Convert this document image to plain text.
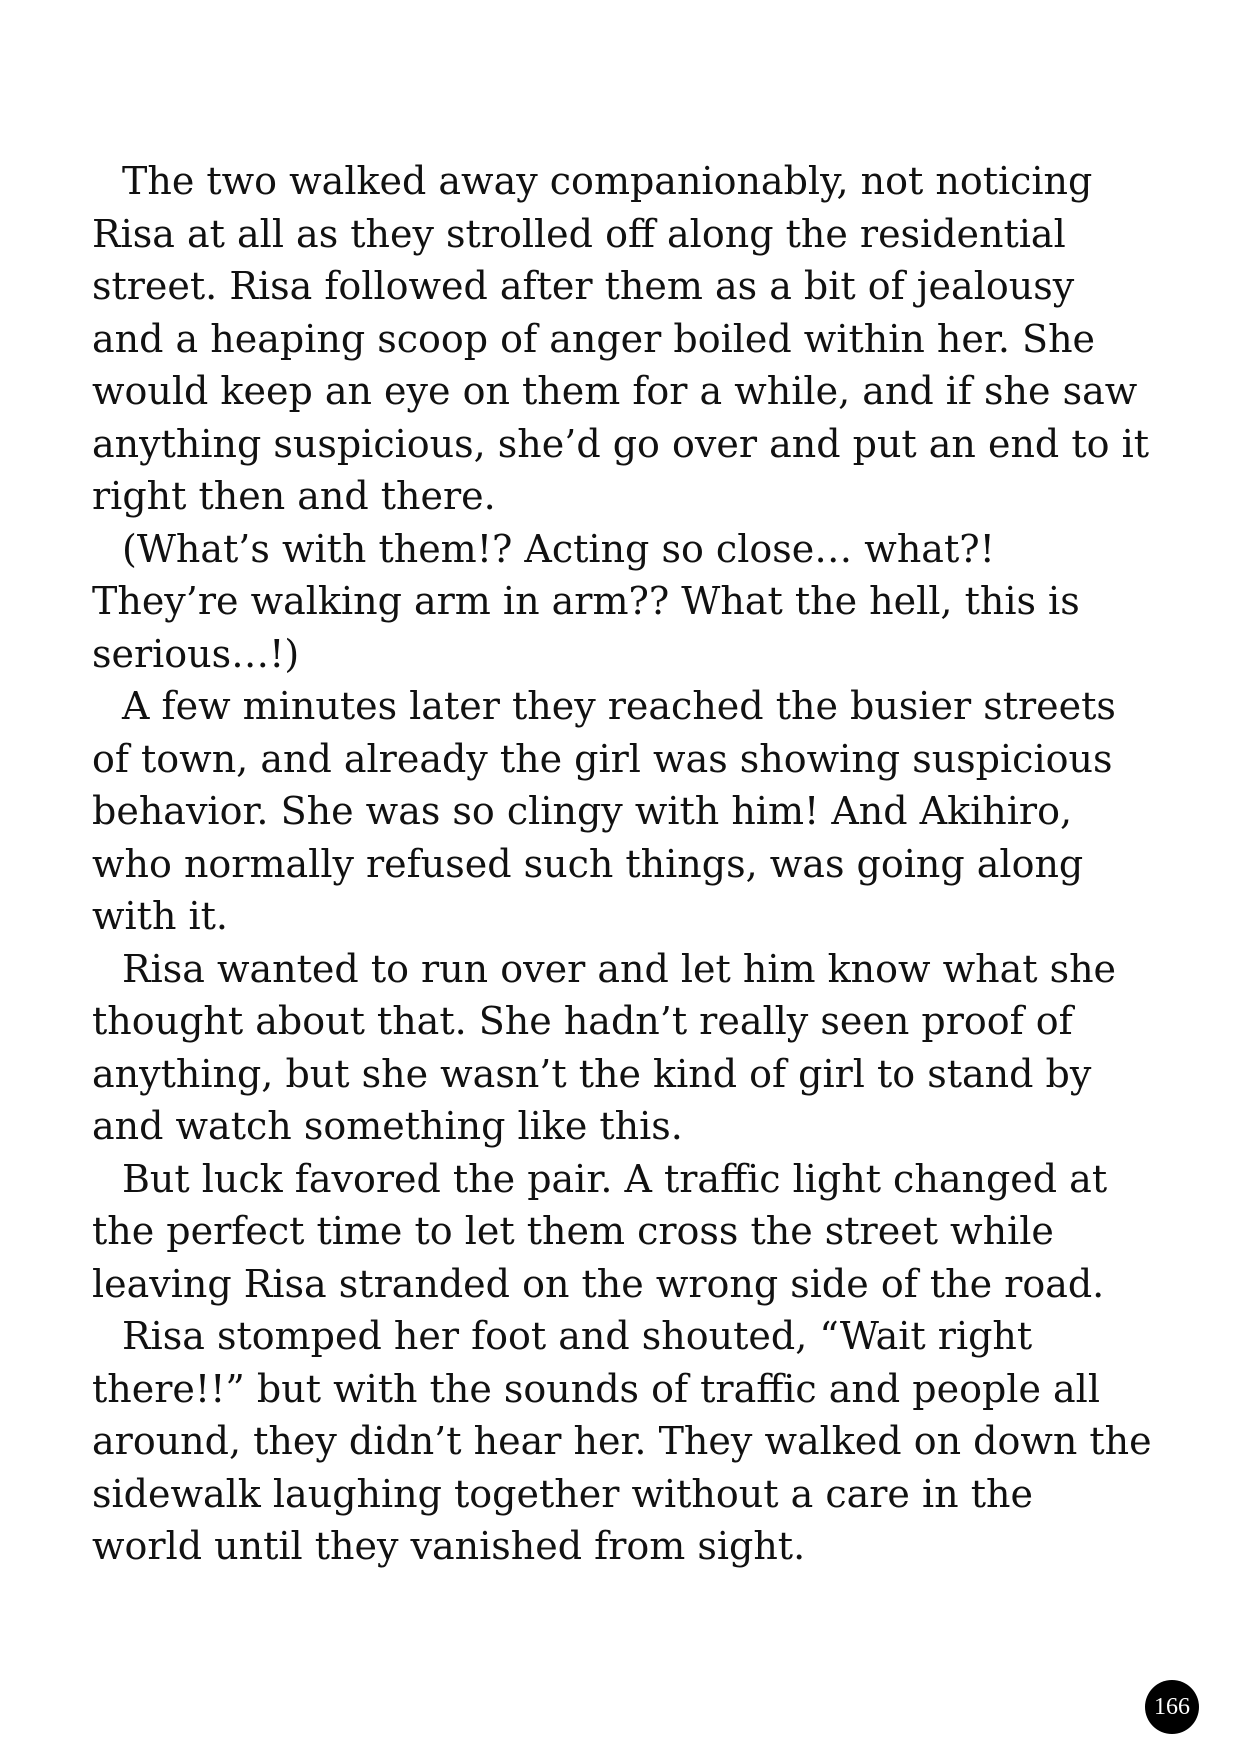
The two walked away companionably, not noticing Risa at all as they strolled off along the residential street. Risa followed after them as a bit of jealousy and a heaping scoop of anger boiled within her. She would keep an eye on them for a while, and if she saw anything suspicious, she’d go over and put an end to it right then and there.

(What’s with them!? Acting so close… what?! They’re walking arm in arm?? What the hell, this is serious…!)

A few minutes later they reached the busier streets of town, and already the girl was showing suspicious behavior. She was so clingy with him! And Akihiro, who normally refused such things, was going along with it.

Risa wanted to run over and let him know what she thought about that. She hadn’t really seen proof of anything, but she wasn’t the kind of girl to stand by and watch something like this.

But luck favored the pair. A traffic light changed at the perfect time to let them cross the street while leaving Risa stranded on the wrong side of the road.

Risa stomped her foot and shouted, “Wait right there!!” but with the sounds of traffic and people all around, they didn’t hear her. They walked on down the sidewalk laughing together without a care in the world until they vanished from sight.

166
